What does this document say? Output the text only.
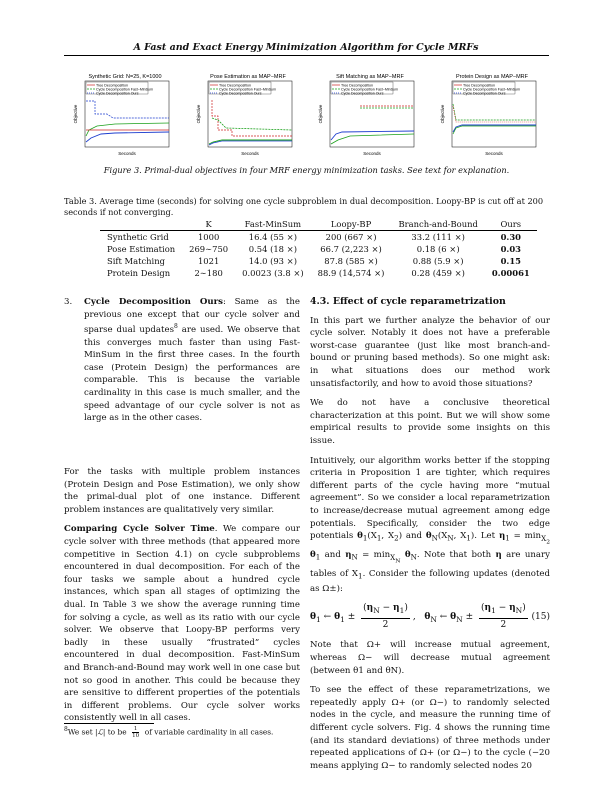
A Fast and Exact Energy Minimization Algorithm for Cycle MRFs
Synthetic Grid: N=25, K=1000
Tree Decomposition
Cycle Decomposition Fast−MinSum
Cycle Decomposition Ours
Objective
Seconds
Pose Estimation as MAP−MRF
Tree Decomposition
Cycle Decomposition Fast−MinSum
Cycle Decomposition Ours
Objective
Seconds
Sift Matching as MAP−MRF
Tree Decomposition
Cycle Decomposition Fast−MinSum
Cycle Decomposition Ours
Objective
Seconds
Protein Design as MAP−MRF
Tree Decomposition
Cycle Decomposition Fast−MinSum
Cycle Decomposition Ours
Objective
Seconds
Figure 3. Primal-dual objectives in four MRF energy minimization tasks. See text for explanation.
Table 3. Average time (seconds) for solving one cycle subproblem in dual decomposition. Loopy-BP is cut off at 200 seconds if not converging.
	K	Fast-MinSum	Loopy-BP	Branch-and-Bound	Ours
Synthetic Grid	1000	16.4 (55 ×)	200 (667 ×)	33.2 (111 ×)	0.30
Pose Estimation	269∼750	0.54 (18 ×)	66.7 (2,223 ×)	0.18 (6 ×)	0.03
Sift Matching	1021	14.0 (93 ×)	87.8 (585 ×)	0.88 (5.9 ×)	0.15
Protein Design	2∼180	0.0023 (3.8 ×)	88.9 (14,574 ×)	0.28 (459 ×)	0.00061
3.	Cycle Decomposition Ours: Same as the previous one except that our cycle solver and sparse dual updates$^8$ are used. We observe that this converges much faster than using Fast-MinSum in the first three cases. In the fourth case (Protein Design) the performances are comparable. This is because the variable cardinality in this case is much smaller, and the speed advantage of our cycle solver is not as large as in the other cases.

For the tasks with multiple problem instances (Protein Design and Pose Estimation), we only show the primal-dual plot of one instance. Different problem instances are qualitatively very similar.

Comparing Cycle Solver Time. We compare our cycle solver with three methods (that appeared more competitive in Section 4.1) on cycle subproblems encountered in dual decomposition. For each of the four tasks we sample about a hundred cycle instances, which span all stages of optimizing the dual. In Table 3 we show the average running time for solving a cycle, as well as its ratio with our cycle solver. We observe that Loopy-BP performs very badly in these usually “frustrated” cycles encountered in dual decomposition. Fast-MinSum and Branch-and-Bound may work well in one case but not so good in another. This could be because they are sensitive to different properties of the potentials in different problems. Our cycle solver works consistently well in all cases.

$^8$We set |ℒ| to be $\frac{1}{10}$ of variable cardinality in all cases.
4.3. Effect of cycle reparametrization

In this part we further analyze the behavior of our cycle solver. Notably it does not have a preferable worst-case guarantee (just like most branch-and-bound or pruning based methods). So one might ask: in what situations does our method work unsatisfactorily, and how to avoid those situations?

We do not have a conclusive theoretical characterization at this point. But we will show some empirical results to provide some insights on this issue.

Intuitively, our algorithm works better if the stopping criteria in Proposition 1 are tighter, which requires different parts of the cycle having more “mutual agreement”. So we consider a local reparametrization to increase/decrease mutual agreement among edge potentials. Specifically, consider the two edge potentials $\theta_1(X_1$, $X_2$) and $\theta_N(X_N$, $X_1$). Let $\eta_1 = \min_{X_2} \theta_1$ and $\eta_N = \min_{X_N} \theta_N$. Note that both η are unary tables of $X_1$. Consider the following updates (denoted as Ω±):

$\theta_1$ ← $\theta_1 \pm \frac{(\eta_N - \eta_1)}{2}$ ,   $\theta_N$ ← $\theta_N \pm \frac{(\eta_1 - \eta_N)}{2} (15)$

Note that Ω+ will increase mutual agreement, whereas Ω− will decrease mutual agreement (between θ1 and θN).

To see the effect of these reparametrizations, we repeatedly apply Ω+ (or Ω−) to randomly selected nodes in the cycle, and measure the running time of different cycle solvers. Fig. 4 shows the running time (and its standard deviations) of three methods under repeated applications of Ω+ (or Ω−) to the cycle (−20 means applying Ω− to randomly selected nodes 20
